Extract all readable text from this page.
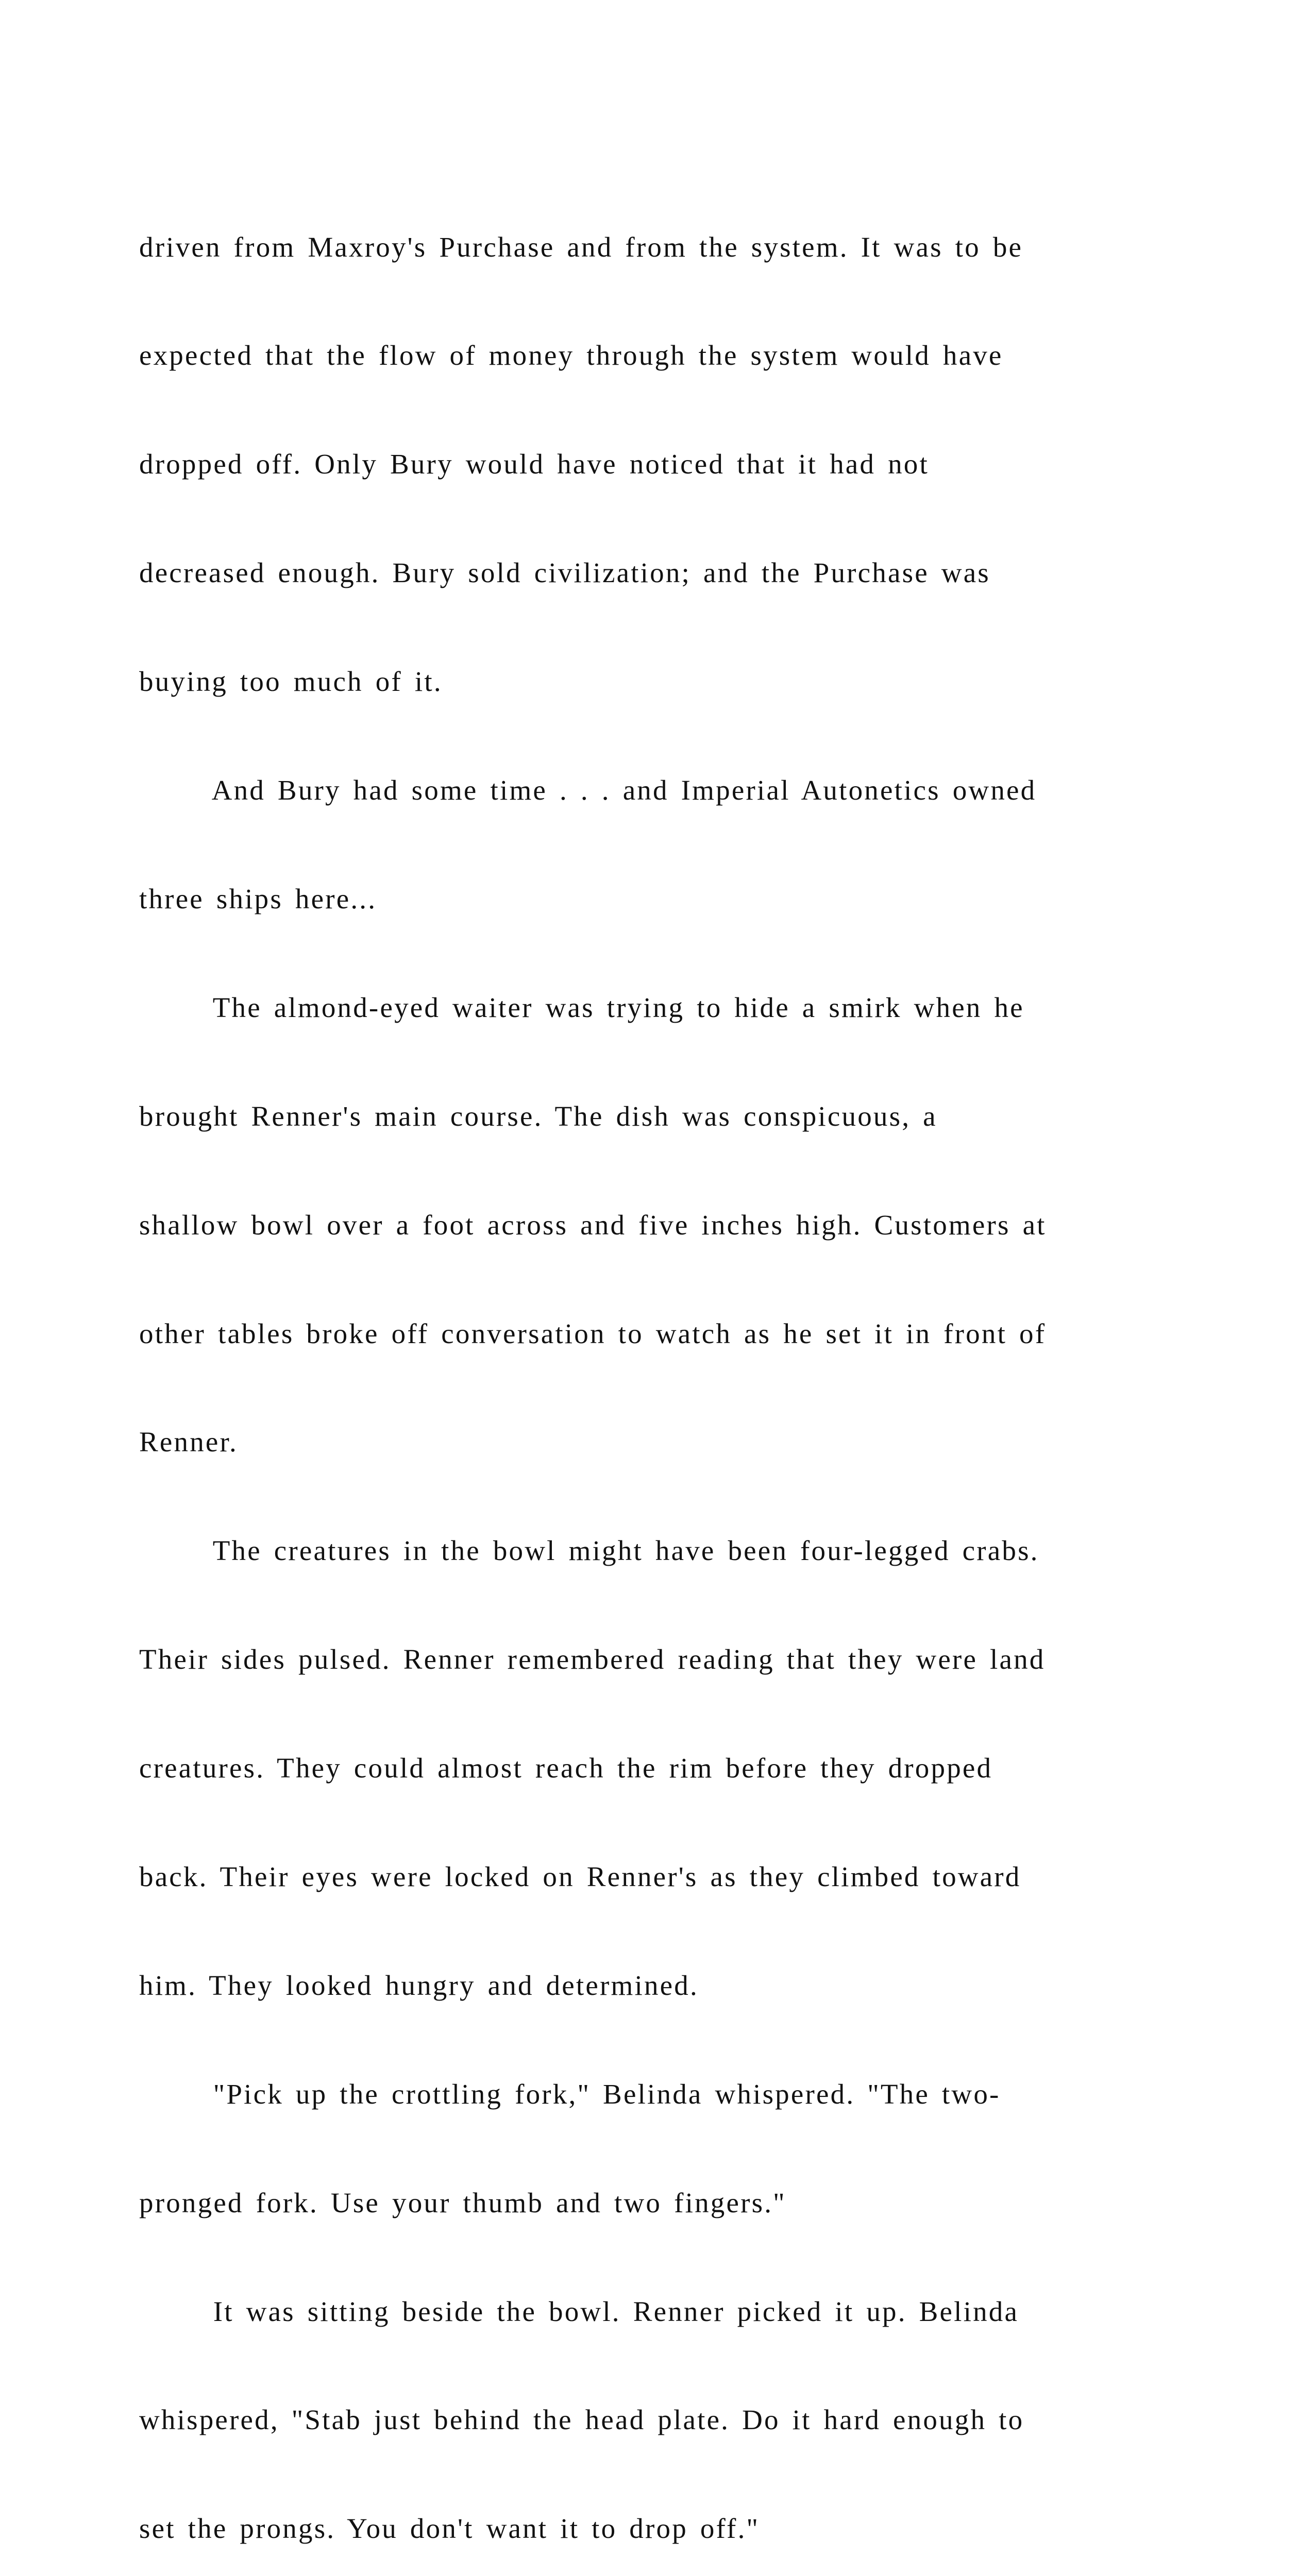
driven from Maxroy's Purchase and from the system. It was to be

expected that the flow of money through the system would have

dropped off. Only Bury would have noticed that it had not

decreased enough. Bury sold civilization; and the Purchase was

buying too much of it.

And Bury had some time . . . and Imperial Autonetics owned

three ships here...

The almond-eyed waiter was trying to hide a smirk when he

brought Renner's main course. The dish was conspicuous, a

shallow bowl over a foot across and five inches high. Customers at

other tables broke off conversation to watch as he set it in front of

Renner.

The creatures in the bowl might have been four-legged crabs.

Their sides pulsed. Renner remembered reading that they were land

creatures. They could almost reach the rim before they dropped

back. Their eyes were locked on Renner's as they climbed toward

him. They looked hungry and determined.

"Pick up the crottling fork," Belinda whispered. "The two-

pronged fork. Use your thumb and two fingers."

It was sitting beside the bowl. Renner picked it up. Belinda

whispered, "Stab just behind the head plate. Do it hard enough to

set the prongs. You don't want it to drop off."
